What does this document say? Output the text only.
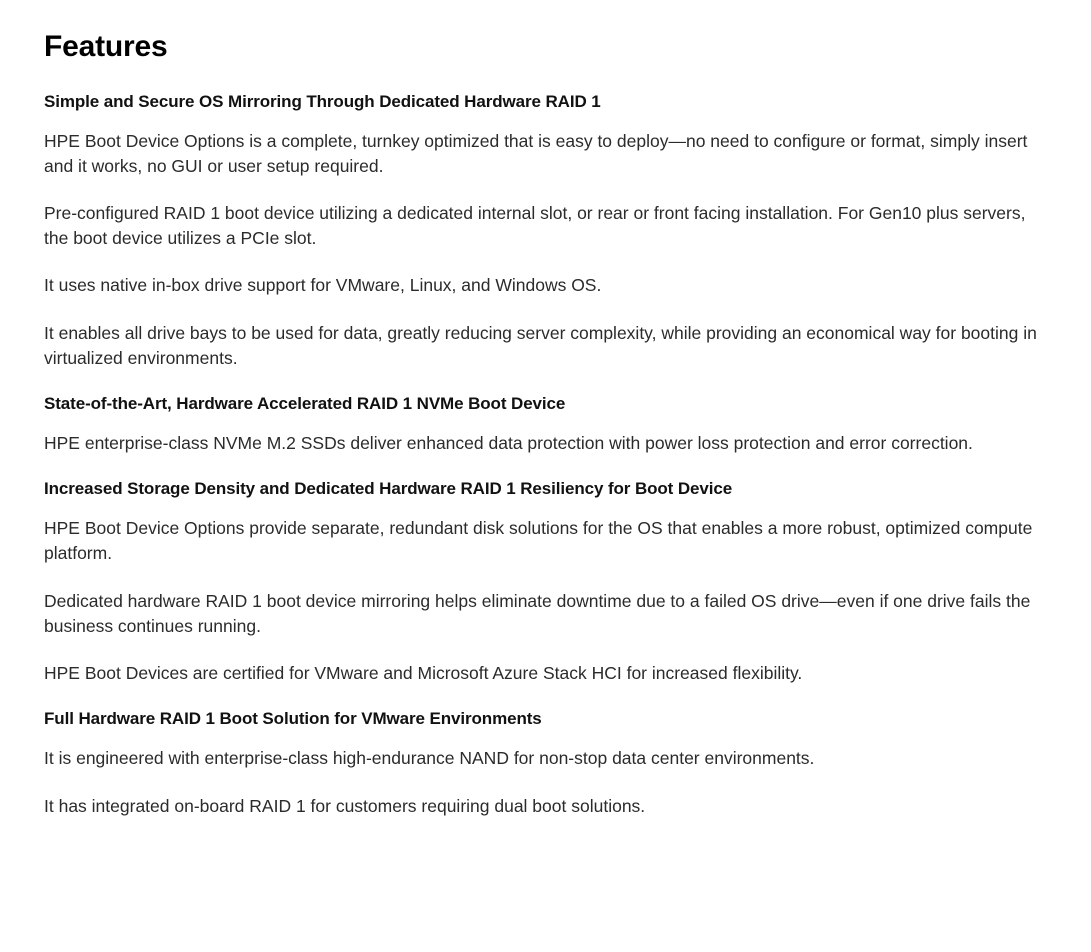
Features
Simple and Secure OS Mirroring Through Dedicated Hardware RAID 1

HPE Boot Device Options is a complete, turnkey optimized that is easy to deploy—no need to configure or format, simply insert and it works, no GUI or user setup required.

Pre-configured RAID 1 boot device utilizing a dedicated internal slot, or rear or front facing installation. For Gen10 plus servers, the boot device utilizes a PCIe slot.

It uses native in-box drive support for VMware, Linux, and Windows OS.

It enables all drive bays to be used for data, greatly reducing server complexity, while providing an economical way for booting in virtualized environments.

State-of-the-Art, Hardware Accelerated RAID 1 NVMe Boot Device

HPE enterprise-class NVMe M.2 SSDs deliver enhanced data protection with power loss protection and error correction.

Increased Storage Density and Dedicated Hardware RAID 1 Resiliency for Boot Device

HPE Boot Device Options provide separate, redundant disk solutions for the OS that enables a more robust, optimized compute platform.

Dedicated hardware RAID 1 boot device mirroring helps eliminate downtime due to a failed OS drive—even if one drive fails the business continues running.

HPE Boot Devices are certified for VMware and Microsoft Azure Stack HCI for increased flexibility.

Full Hardware RAID 1 Boot Solution for VMware Environments

It is engineered with enterprise-class high-endurance NAND for non-stop data center environments.

It has integrated on-board RAID 1 for customers requiring dual boot solutions.
